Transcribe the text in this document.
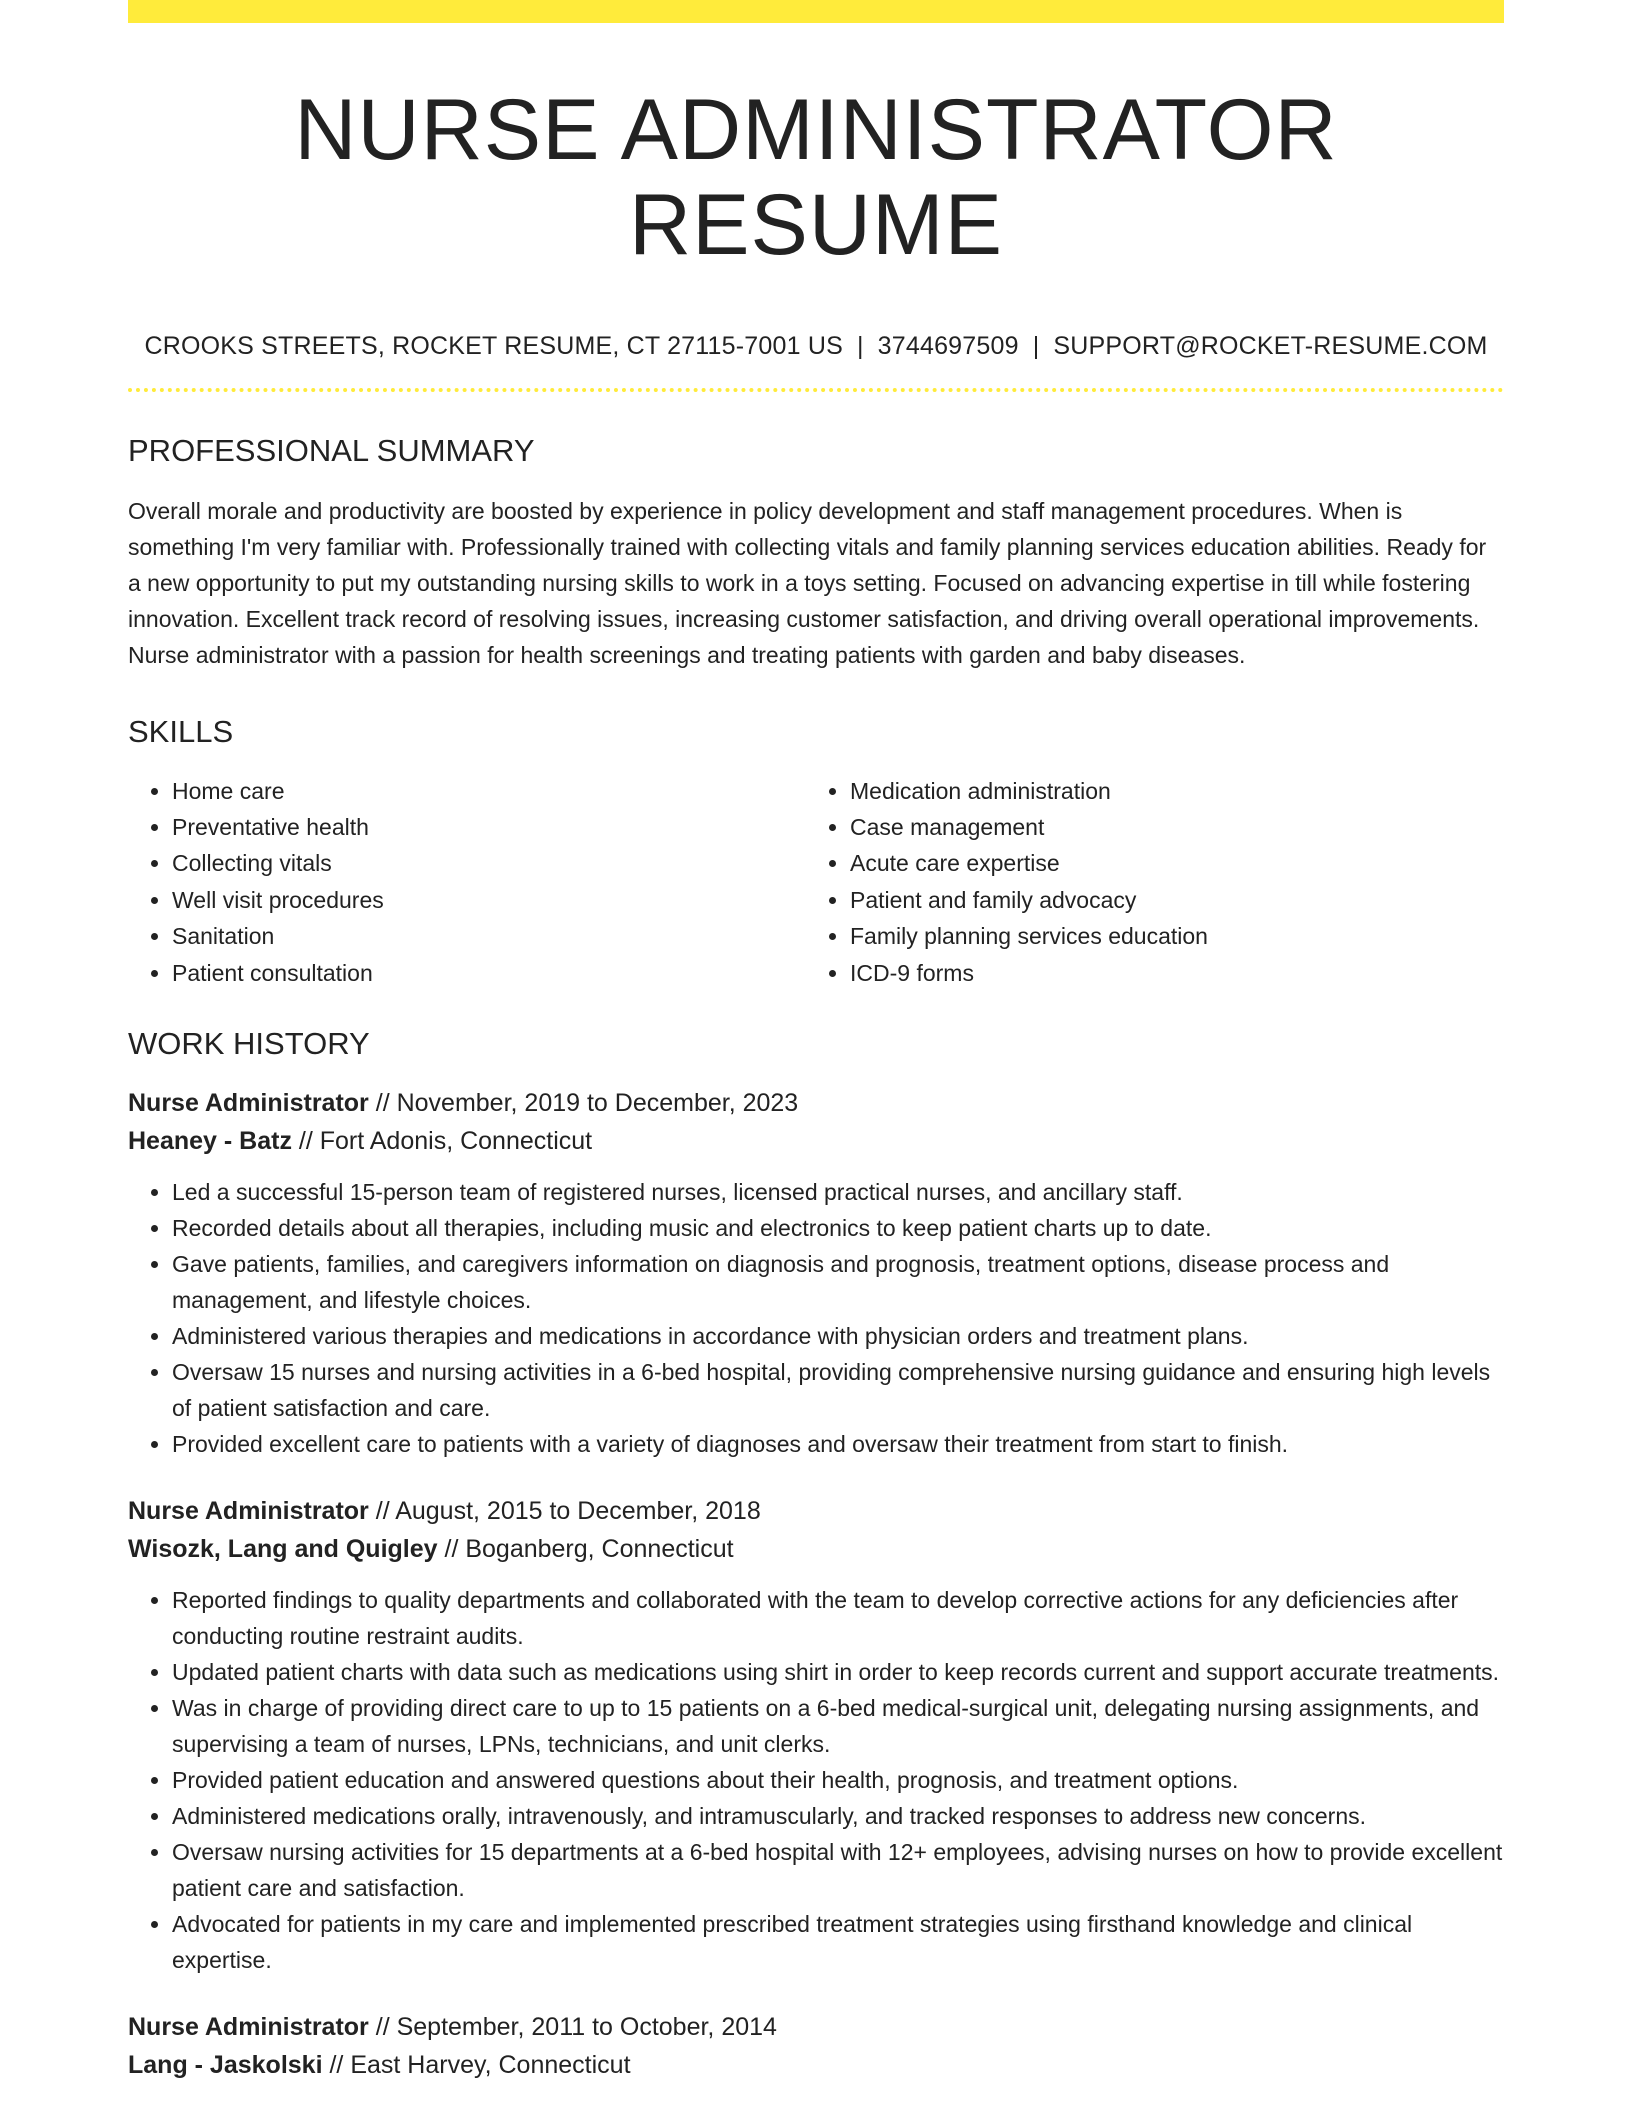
NURSE ADMINISTRATOR RESUME
CROOKS STREETS, ROCKET RESUME, CT 27115-7001 US | 3744697509 | SUPPORT@ROCKET-RESUME.COM
PROFESSIONAL SUMMARY

Overall morale and productivity are boosted by experience in policy development and staff management procedures. When is something I'm very familiar with. Professionally trained with collecting vitals and family planning services education abilities. Ready for a new opportunity to put my outstanding nursing skills to work in a toys setting. Focused on advancing expertise in till while fostering innovation. Excellent track record of resolving issues, increasing customer satisfaction, and driving overall operational improvements. Nurse administrator with a passion for health screenings and treating patients with garden and baby diseases.

SKILLS
• Home care
• Preventative health
• Collecting vitals
• Well visit procedures
• Sanitation
• Patient consultation
• Medication administration
• Case management
• Acute care expertise
• Patient and family advocacy
• Family planning services education
• ICD-9 forms
WORK HISTORY
Nurse Administrator // November, 2019 to December, 2023
Heaney - Batz // Fort Adonis, Connecticut
• Led a successful 15-person team of registered nurses, licensed practical nurses, and ancillary staff.
• Recorded details about all therapies, including music and electronics to keep patient charts up to date.
• Gave patients, families, and caregivers information on diagnosis and prognosis, treatment options, disease process and management, and lifestyle choices.
• Administered various therapies and medications in accordance with physician orders and treatment plans.
• Oversaw 15 nurses and nursing activities in a 6-bed hospital, providing comprehensive nursing guidance and ensuring high levels of patient satisfaction and care.
• Provided excellent care to patients with a variety of diagnoses and oversaw their treatment from start to finish.
Nurse Administrator // August, 2015 to December, 2018
Wisozk, Lang and Quigley // Boganberg, Connecticut
• Reported findings to quality departments and collaborated with the team to develop corrective actions for any deficiencies after conducting routine restraint audits.
• Updated patient charts with data such as medications using shirt in order to keep records current and support accurate treatments.
• Was in charge of providing direct care to up to 15 patients on a 6-bed medical-surgical unit, delegating nursing assignments, and supervising a team of nurses, LPNs, technicians, and unit clerks.
• Provided patient education and answered questions about their health, prognosis, and treatment options.
• Administered medications orally, intravenously, and intramuscularly, and tracked responses to address new concerns.
• Oversaw nursing activities for 15 departments at a 6-bed hospital with 12+ employees, advising nurses on how to provide excellent patient care and satisfaction.
• Advocated for patients in my care and implemented prescribed treatment strategies using firsthand knowledge and clinical expertise.
Nurse Administrator // September, 2011 to October, 2014
Lang - Jaskolski // East Harvey, Connecticut
